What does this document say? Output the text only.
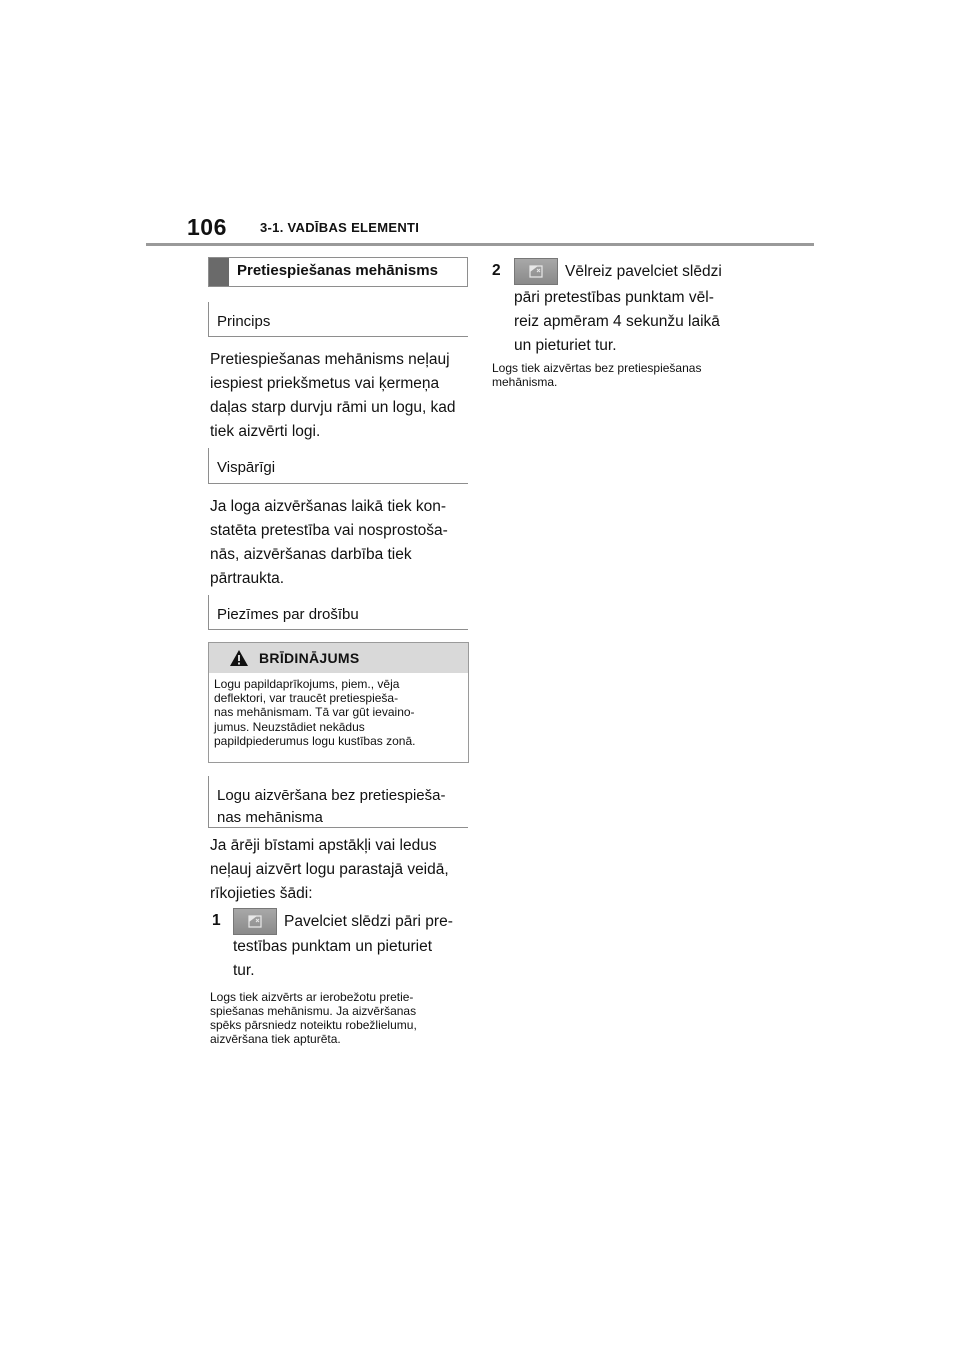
106	3-1. VADĪBAS ELEMENTI
Pretiespiešanas mehānisms
Princips
Pretiespiešanas mehānisms neļauj
iespiest priekšmetus vai ķermeņa
daļas starp durvju rāmi un logu, kad
tiek aizvērti logi.
Vispārīgi
Ja loga aizvēršanas laikā tiek kon-
statēta pretestība vai nosprostoša-
nās, aizvēršanas darbība tiek
pārtraukta.
Piezīmes par drošību
BRĪDINĀJUMS
Logu papildaprīkojums, piem., vēja
deflektori, var traucēt pretiespieša-
nas mehānismam. Tā var gūt ievaino-
jumus. Neuzstādiet nekādus
papildpiederumus logu kustības zonā.
Logu aizvēršana bez pretiespieša-
nas mehānisma
Ja ārēji bīstami apstākļi vai ledus
neļauj aizvērt logu parastajā veidā,
rīkojieties šādi:
1	Pavelciet slēdzi pāri pre-
testības punktam un pieturiet
tur.
Logs tiek aizvērts ar ierobežotu pretie-
spiešanas mehānismu. Ja aizvēršanas
spēks pārsniedz noteiktu robežlielumu,
aizvēršana tiek apturēta.
2	Vēlreiz pavelciet slēdzi
pāri pretestības punktam vēl-
reiz apmēram 4 sekunžu laikā
un pieturiet tur.
Logs tiek aizvērtas bez pretiespiešanas
mehānisma.
